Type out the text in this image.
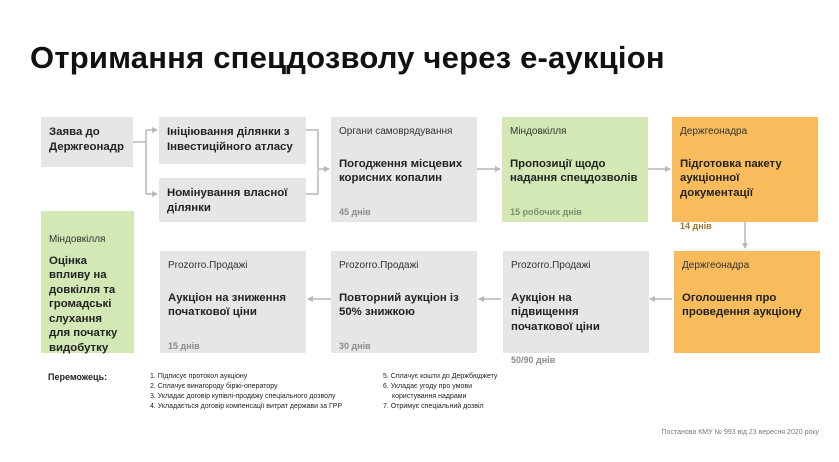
Отримання спецдозволу через е-аукціон
Заява до Держгеонадр
Ініціювання ділянки з Інвестиційного атласу
Номінування власної ділянки
Органи самоврядування
Погодження місцевих корисних копалин
45 днів
Міндовкілля
Пропозиції щодо надання спецдозволів
15 робочих днів
Держгеонадра
Підготовка пакету аукціонної документації
14 днів
Міндовкілля
Оцінка впливу на довкілля та громадські слухання для початку видобутку
Prozorro.Продажі
Аукціон на зниження початкової ціни
15 днів
Prozorro.Продажі
Повторний аукціон із 50% знижкою
30 днів
Prozorro.Продажі
Аукціон на підвищення початкової ціни
50/90 днів
Держгеонадра
Оголошення про проведення аукціону
Переможець:	1. Підписує протокол аукціону
2. Сплачує винагороду біржі-оператору
3. Укладає договір купівлі-продажу спеціального дозволу
4. Укладається договір компенсації витрат держави за ГРР
5. Сплачує кошти до Держбюджету
6. Укладає угоду про умови
користування надрами
7. Отримує спеціальний дозвіл
Постанова КМУ № 993 від 23 вересня 2020 року
